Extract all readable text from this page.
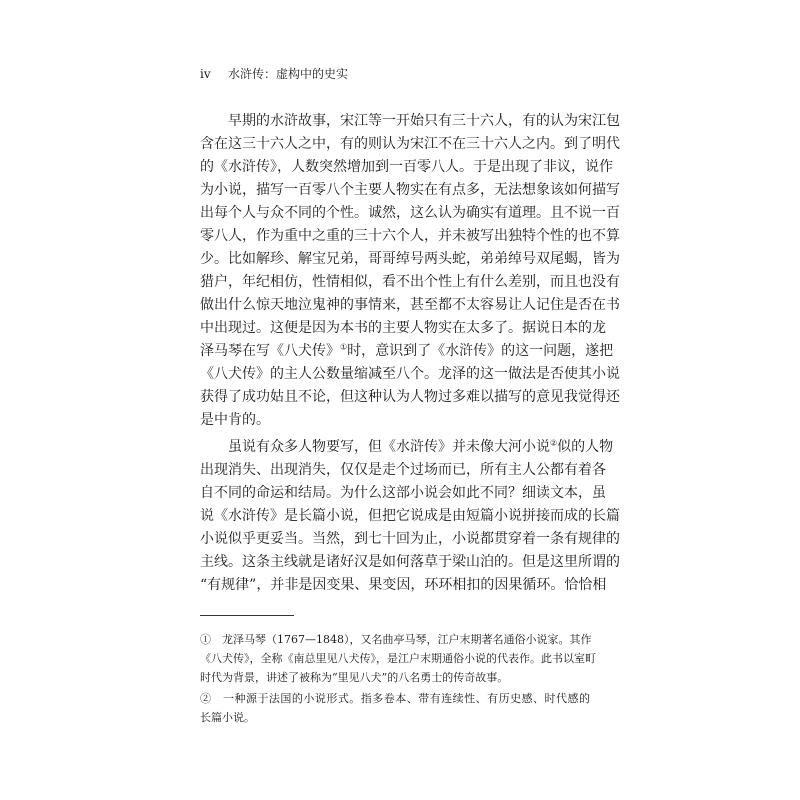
iv 水浒传：虚构中的史实
早期的水浒故事，宋江等一开始只有三十六人，有的认为宋江包
含在这三十六人之中，有的则认为宋江不在三十六人之内。到了明代
的《水浒传》，人数突然增加到一百零八人。于是出现了非议，说作
为小说，描写一百零八个主要人物实在有点多，无法想象该如何描写
出每个人与众不同的个性。诚然，这么认为确实有道理。且不说一百
零八人，作为重中之重的三十六个人，并未被写出独特个性的也不算
少。比如解珍、解宝兄弟，哥哥绰号两头蛇，弟弟绰号双尾蝎，皆为
猎户，年纪相仿，性情相似，看不出个性上有什么差别，而且也没有
做出什么惊天地泣鬼神的事情来，甚至都不太容易让人记住是否在书
中出现过。这便是因为本书的主要人物实在太多了。据说日本的龙
泽马琴在写《八犬传》①时，意识到了《水浒传》的这一问题，遂把
《八犬传》的主人公数量缩减至八个。龙泽的这一做法是否使其小说
获得了成功姑且不论，但这种认为人物过多难以描写的意见我觉得还
是中肯的。
虽说有众多人物要写，但《水浒传》并未像大河小说②似的人物
出现消失、出现消失，仅仅是走个过场而已，所有主人公都有着各
自不同的命运和结局。为什么这部小说会如此不同？细读文本，虽
说《水浒传》是长篇小说，但把它说成是由短篇小说拼接而成的长篇
小说似乎更妥当。当然，到七十回为止，小说都贯穿着一条有规律的
主线。这条主线就是诸好汉是如何落草于梁山泊的。但是这里所谓的
“有规律”，并非是因变果、果变因，环环相扣的因果循环。恰恰相
①　龙泽马琴（1767—1848），又名曲亭马琴，江户末期著名通俗小说家。其作
《八犬传》，全称《南总里见八犬传》，是江户末期通俗小说的代表作。此书以室町
时代为背景，讲述了被称为“里见八犬”的八名勇士的传奇故事。
②　一种源于法国的小说形式。指多卷本、带有连续性、有历史感、时代感的
长篇小说。
